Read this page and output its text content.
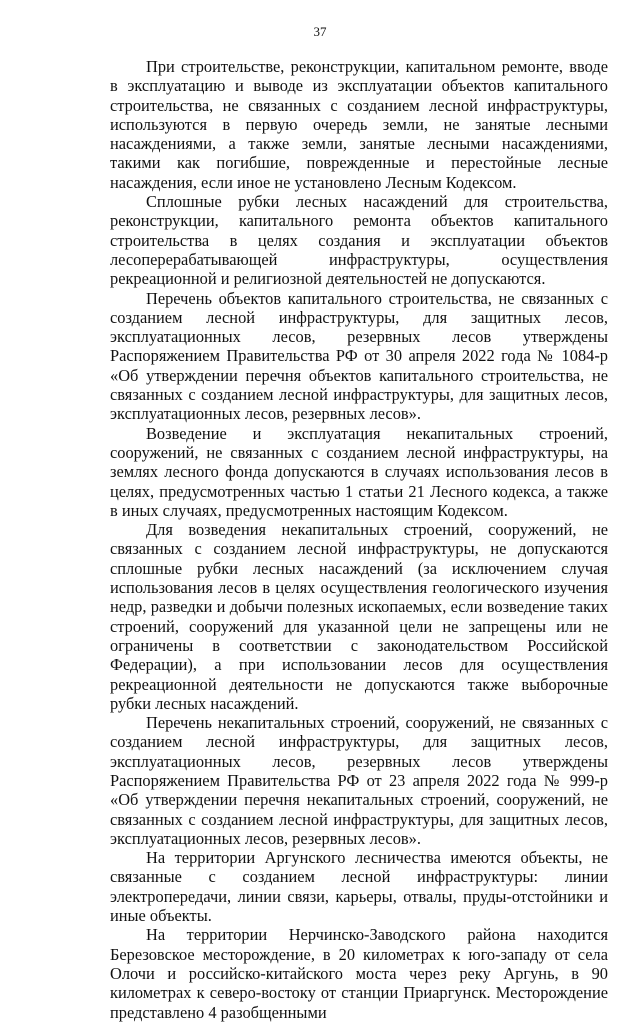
37

При строительстве, реконструкции, капитальном ремонте, вводе в эксплуатацию и выводе из эксплуатации объектов капитального строительства, не связанных с созданием лесной инфраструктуры, используются в первую очередь земли, не занятые лесными насаждениями, а также земли, занятые лесными насаждениями, такими как погибшие, поврежденные и перестойные лесные насаждения, если иное не установлено Лесным Кодексом.

Сплошные рубки лесных насаждений для строительства, реконструкции, капитального ремонта объектов капитального строительства в целях создания и эксплуатации объектов лесоперерабатывающей инфраструктуры, осуществления рекреационной и религиозной деятельностей не допускаются.

Перечень объектов капитального строительства, не связанных с созданием лесной инфраструктуры, для защитных лесов, эксплуатационных лесов, резервных лесов утверждены Распоряжением Правительства РФ от 30 апреля 2022 года № 1084-р «Об утверждении перечня объектов капитального строительства, не связанных с созданием лесной инфраструктуры, для защитных лесов, эксплуатационных лесов, резервных лесов».

Возведение и эксплуатация некапитальных строений, сооружений, не связанных с созданием лесной инфраструктуры, на землях лесного фонда допускаются в случаях использования лесов в целях, предусмотренных частью 1 статьи 21 Лесного кодекса, а также в иных случаях, предусмотренных настоящим Кодексом.

Для возведения некапитальных строений, сооружений, не связанных с созданием лесной инфраструктуры, не допускаются сплошные рубки лесных насаждений (за исключением случая использования лесов в целях осуществления геологического изучения недр, разведки и добычи полезных ископаемых, если возведение таких строений, сооружений для указанной цели не запрещены или не ограничены в соответствии с законодательством Российской Федерации), а при использовании лесов для осуществления рекреационной деятельности не допускаются также выборочные рубки лесных насаждений.

Перечень некапитальных строений, сооружений, не связанных с созданием лесной инфраструктуры, для защитных лесов, эксплуатационных лесов, резервных лесов утверждены Распоряжением Правительства РФ от 23 апреля 2022 года № 999-р «Об утверждении перечня некапитальных строений, сооружений, не связанных с созданием лесной инфраструктуры, для защитных лесов, эксплуатационных лесов, резервных лесов».

На территории Аргунского лесничества имеются объекты, не связанные с созданием лесной инфраструктуры: линии электропередачи, линии связи, карьеры, отвалы, пруды-отстойники и иные объекты.

На территории Нерчинско-Заводского района находится Березовское месторождение, в 20 километрах к юго-западу от села Олочи и российско-китайского моста через реку Аргунь, в 90 километрах к северо-востоку от станции Приаргунск. Месторождение представлено 4 разобщенными
